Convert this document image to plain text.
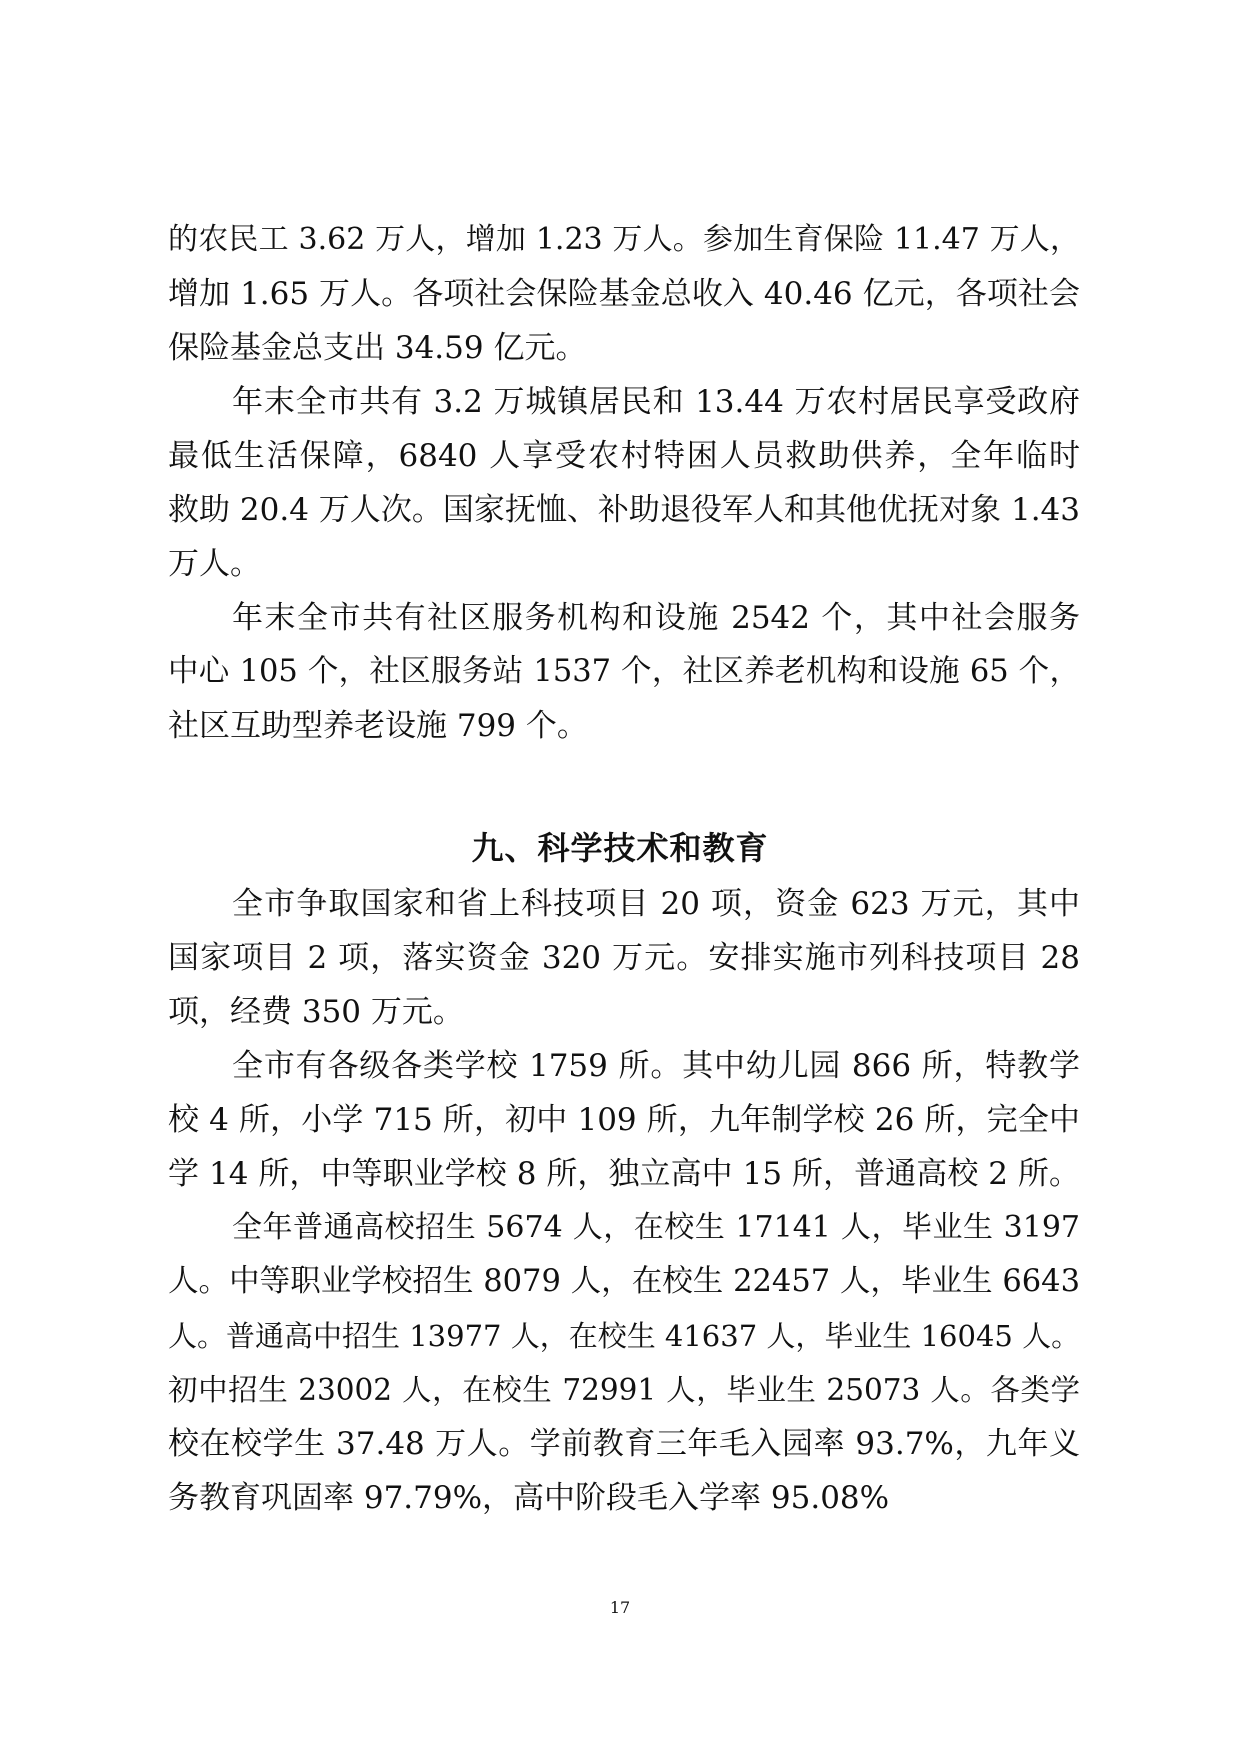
的农民工 3.62 万人，增加 1.23 万人。参加生育保险 11.47 万人，
增加 1.65 万人。各项社会保险基金总收入 40.46 亿元，各项社会
保险基金总支出 34.59 亿元。
年末全市共有 3.2 万城镇居民和 13.44 万农村居民享受政府
最低生活保障，6840 人享受农村特困人员救助供养，全年临时
救助 20.4 万人次。国家抚恤、补助退役军人和其他优抚对象 1.43
万人。
年末全市共有社区服务机构和设施 2542 个，其中社会服务
中心 105 个，社区服务站 1537 个，社区养老机构和设施 65 个，
社区互助型养老设施 799 个。
九、科学技术和教育
全市争取国家和省上科技项目 20 项，资金 623 万元，其中
国家项目 2 项，落实资金 320 万元。安排实施市列科技项目 28
项，经费 350 万元。
全市有各级各类学校 1759 所。其中幼儿园 866 所，特教学
校 4 所，小学 715 所，初中 109 所，九年制学校 26 所，完全中
学 14 所，中等职业学校 8 所，独立高中 15 所，普通高校 2 所。
全年普通高校招生 5674 人，在校生 17141 人，毕业生 3197
人。中等职业学校招生 8079 人，在校生 22457 人，毕业生 6643
人。普通高中招生 13977 人，在校生 41637 人，毕业生 16045 人。
初中招生 23002 人，在校生 72991 人，毕业生 25073 人。各类学
校在校学生 37.48 万人。学前教育三年毛入园率 93.7%，九年义
务教育巩固率 97.79%，高中阶段毛入学率 95.08%
17
